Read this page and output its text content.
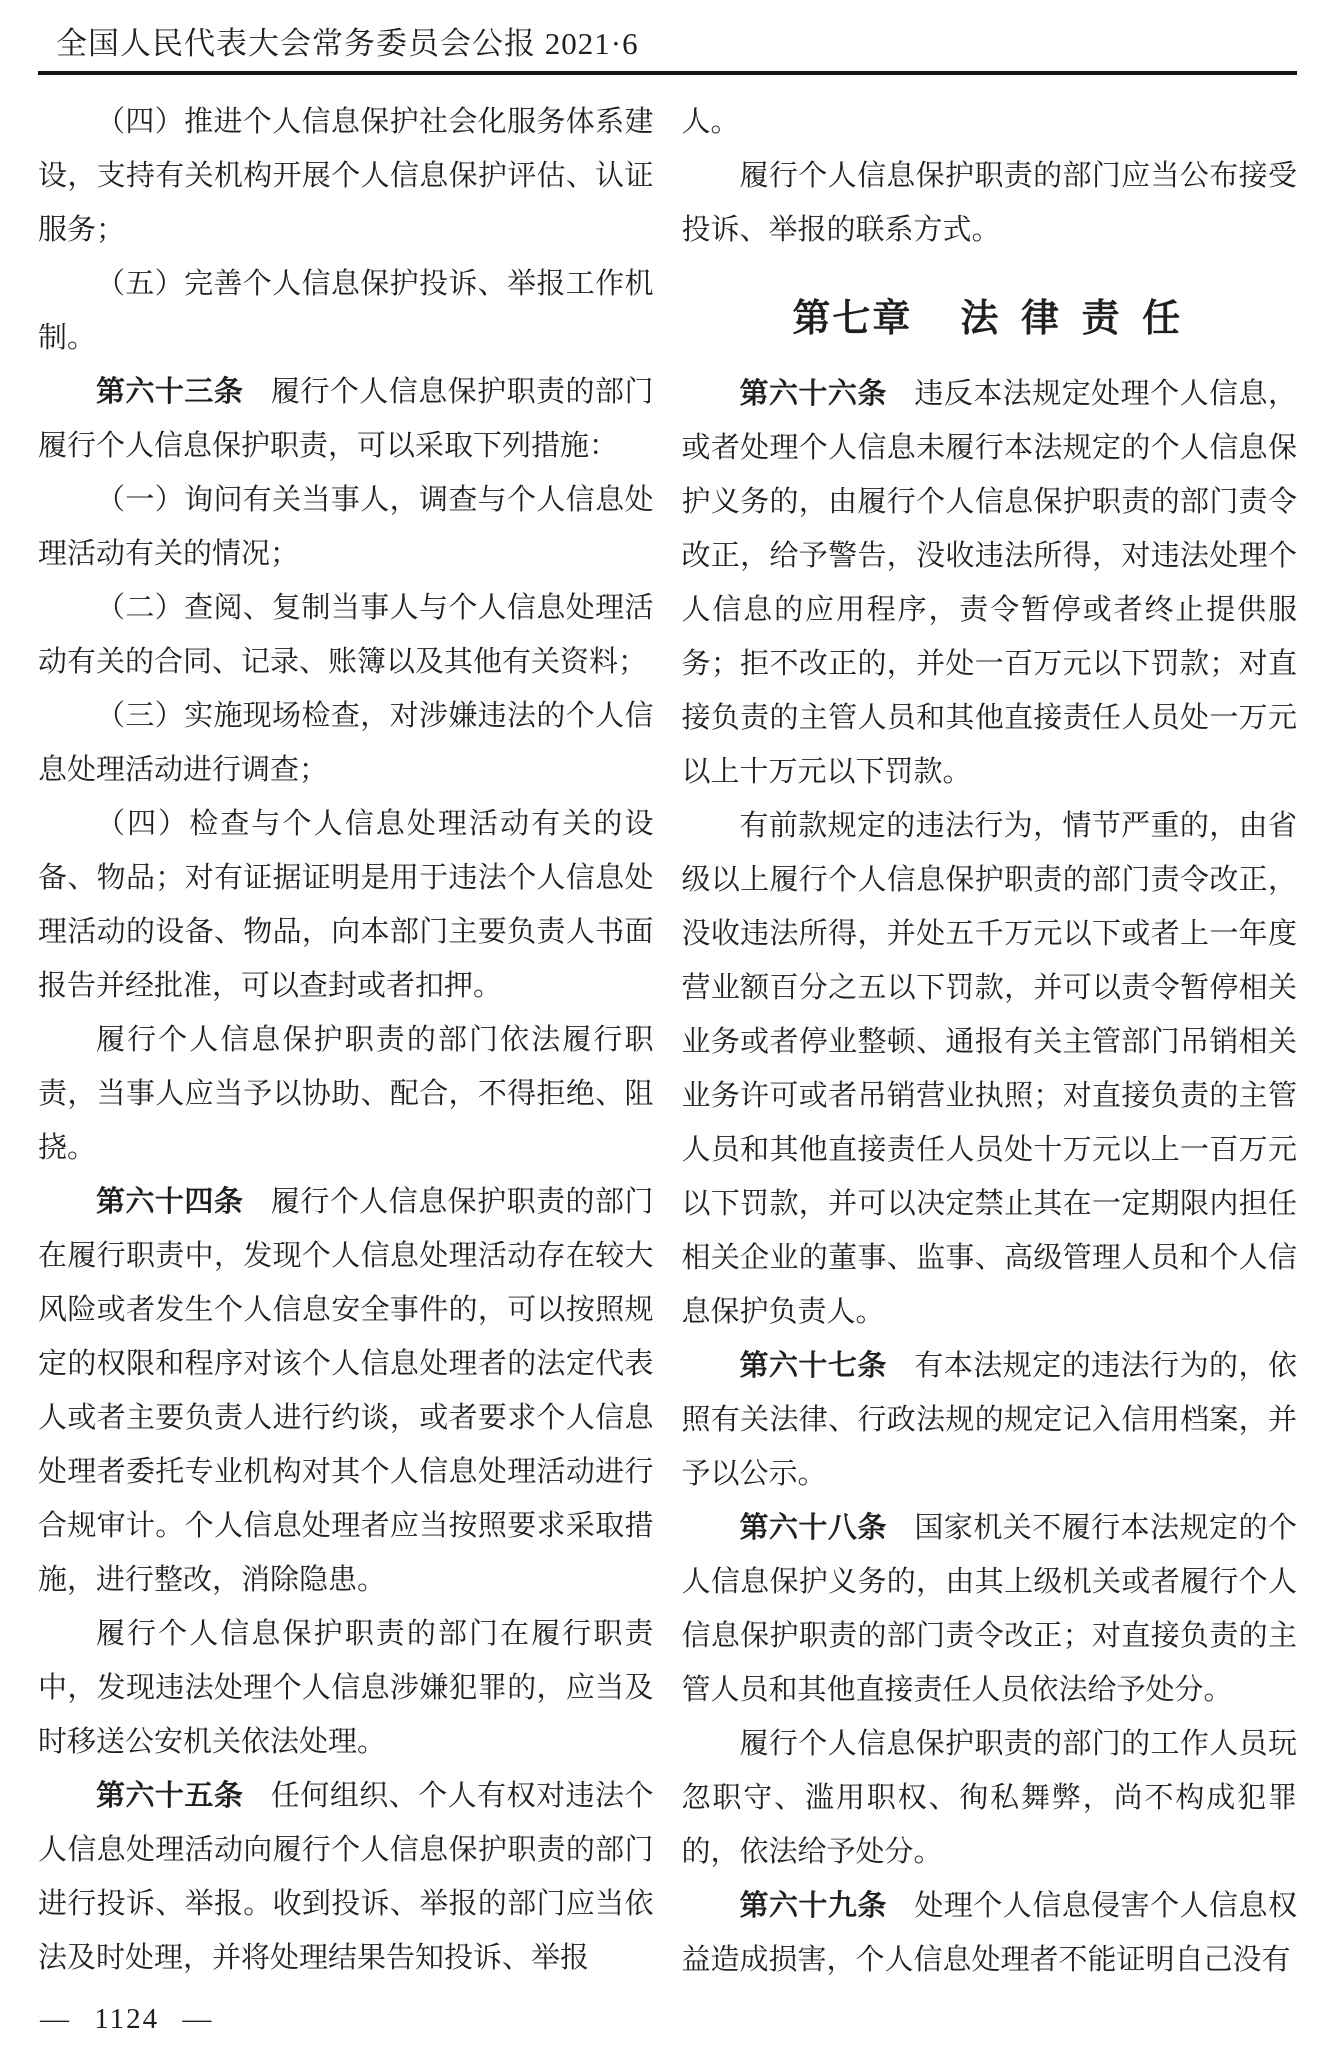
全国人民代表大会常务委员会公报 2021·6

（四）推进个人信息保护社会化服务体系建设，支持有关机构开展个人信息保护评估、认证服务；

（五）完善个人信息保护投诉、举报工作机制。

第六十三条 履行个人信息保护职责的部门履行个人信息保护职责，可以采取下列措施：

（一）询问有关当事人，调查与个人信息处理活动有关的情况；

（二）查阅、复制当事人与个人信息处理活动有关的合同、记录、账簿以及其他有关资料；

（三）实施现场检查，对涉嫌违法的个人信息处理活动进行调查；

（四）检查与个人信息处理活动有关的设备、物品；对有证据证明是用于违法个人信息处理活动的设备、物品，向本部门主要负责人书面报告并经批准，可以查封或者扣押。

履行个人信息保护职责的部门依法履行职责，当事人应当予以协助、配合，不得拒绝、阻挠。

第六十四条 履行个人信息保护职责的部门在履行职责中，发现个人信息处理活动存在较大风险或者发生个人信息安全事件的，可以按照规定的权限和程序对该个人信息处理者的法定代表人或者主要负责人进行约谈，或者要求个人信息处理者委托专业机构对其个人信息处理活动进行合规审计。个人信息处理者应当按照要求采取措施，进行整改，消除隐患。

履行个人信息保护职责的部门在履行职责中，发现违法处理个人信息涉嫌犯罪的，应当及时移送公安机关依法处理。

第六十五条 任何组织、个人有权对违法个人信息处理活动向履行个人信息保护职责的部门进行投诉、举报。收到投诉、举报的部门应当依法及时处理，并将处理结果告知投诉、举报

人。

履行个人信息保护职责的部门应当公布接受投诉、举报的联系方式。

第七章 法 律 责 任

第六十六条 违反本法规定处理个人信息，或者处理个人信息未履行本法规定的个人信息保护义务的，由履行个人信息保护职责的部门责令改正，给予警告，没收违法所得，对违法处理个人信息的应用程序，责令暂停或者终止提供服务；拒不改正的，并处一百万元以下罚款；对直接负责的主管人员和其他直接责任人员处一万元以上十万元以下罚款。

有前款规定的违法行为，情节严重的，由省级以上履行个人信息保护职责的部门责令改正，没收违法所得，并处五千万元以下或者上一年度营业额百分之五以下罚款，并可以责令暂停相关业务或者停业整顿、通报有关主管部门吊销相关业务许可或者吊销营业执照；对直接负责的主管人员和其他直接责任人员处十万元以上一百万元以下罚款，并可以决定禁止其在一定期限内担任相关企业的董事、监事、高级管理人员和个人信息保护负责人。

第六十七条 有本法规定的违法行为的，依照有关法律、行政法规的规定记入信用档案，并予以公示。

第六十八条 国家机关不履行本法规定的个人信息保护义务的，由其上级机关或者履行个人信息保护职责的部门责令改正；对直接负责的主管人员和其他直接责任人员依法给予处分。

履行个人信息保护职责的部门的工作人员玩忽职守、滥用职权、徇私舞弊，尚不构成犯罪的，依法给予处分。

第六十九条 处理个人信息侵害个人信息权益造成损害，个人信息处理者不能证明自己没有

— 1124 —
